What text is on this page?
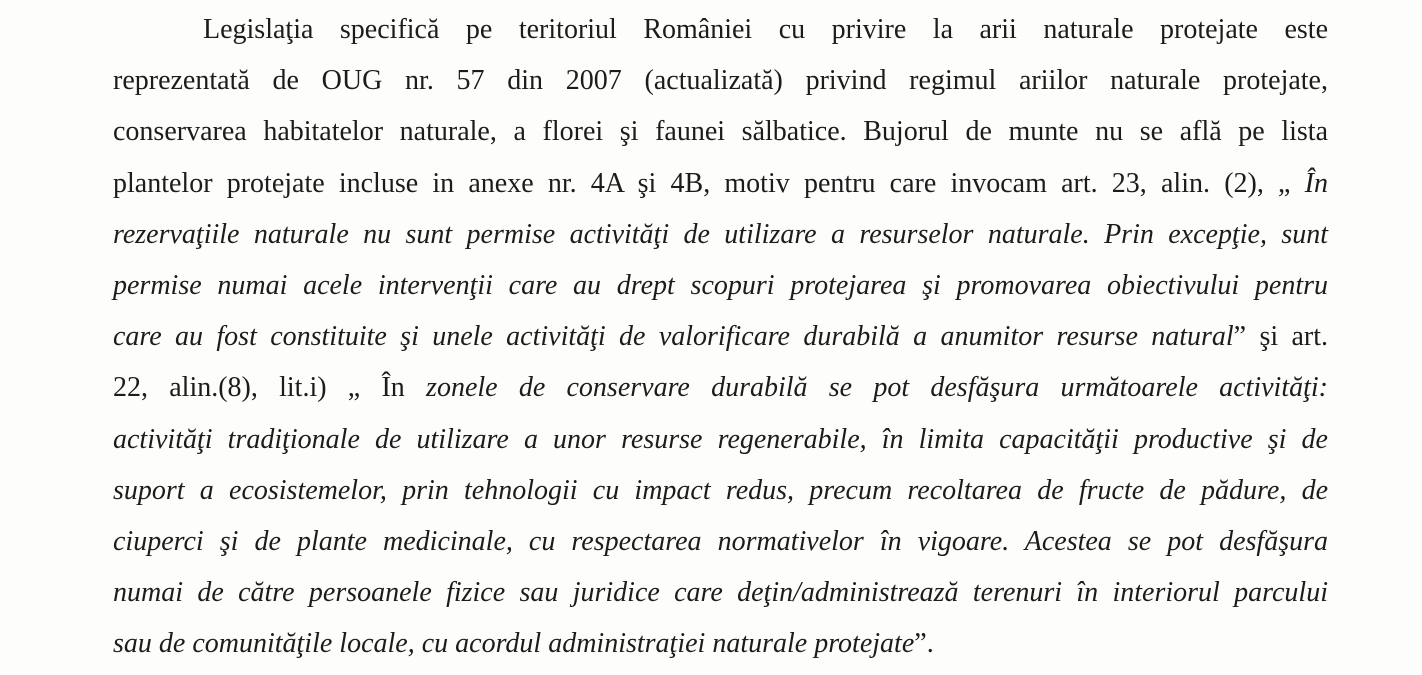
Legislaţia specifică pe teritoriul României cu privire la arii naturale protejate este
reprezentată de OUG nr. 57 din 2007 (actualizată) privind regimul ariilor naturale protejate,
conservarea habitatelor naturale, a florei şi faunei sălbatice. Bujorul de munte nu se află pe lista
plantelor protejate incluse in anexe nr. 4A şi 4B, motiv pentru care invocam art. 23, alin. (2), „ În
rezervaţiile naturale nu sunt permise activităţi de utilizare a resurselor naturale. Prin excepţie, sunt
permise numai acele intervenţii care au drept scopuri protejarea şi promovarea obiectivului pentru
care au fost constituite şi unele activităţi de valorificare durabilă a anumitor resurse natural” şi art.
22, alin.(8), lit.i) „ În zonele de conservare durabilă se pot desfăşura următoarele activităţi:
activităţi tradiţionale de utilizare a unor resurse regenerabile, în limita capacităţii productive şi de
suport a ecosistemelor, prin tehnologii cu impact redus, precum recoltarea de fructe de pădure, de
ciuperci şi de plante medicinale, cu respectarea normativelor în vigoare. Acestea se pot desfăşura
numai de către persoanele fizice sau juridice care deţin/administrează terenuri în interiorul parcului
sau de comunităţile locale, cu acordul administraţiei naturale protejate”.
